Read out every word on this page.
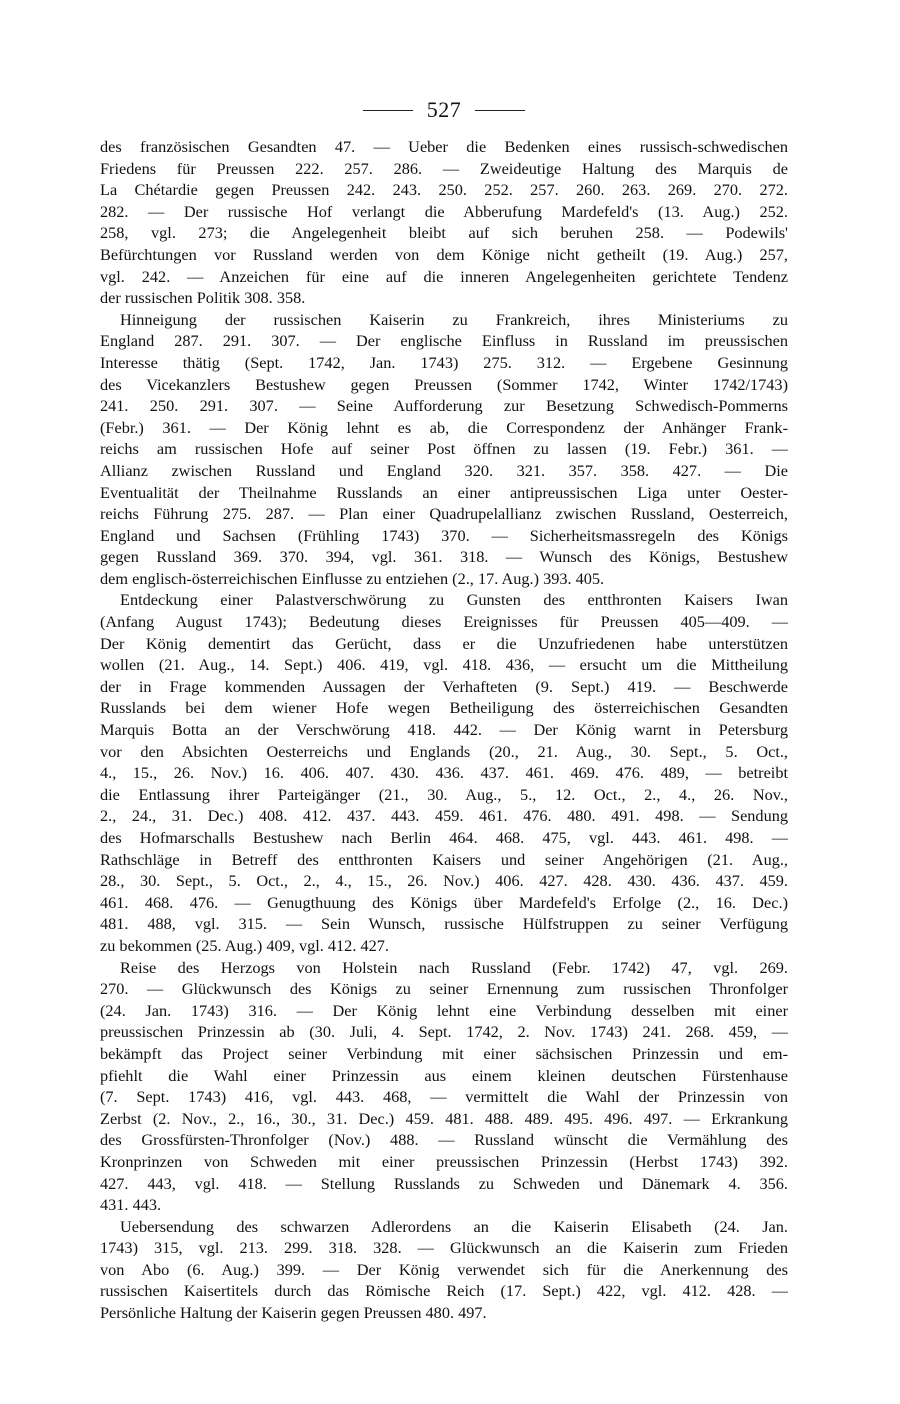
527
des französischen Gesandten 47. — Ueber die Bedenken eines russisch-schwedischen
Friedens für Preussen 222. 257. 286. — Zweideutige Haltung des Marquis de
La Chétardie gegen Preussen 242. 243. 250. 252. 257. 260. 263. 269. 270. 272.
282. — Der russische Hof verlangt die Abberufung Mardefeld's (13. Aug.) 252.
258, vgl. 273; die Angelegenheit bleibt auf sich beruhen 258. — Podewils'
Befürchtungen vor Russland werden von dem Könige nicht getheilt (19. Aug.) 257,
vgl. 242. — Anzeichen für eine auf die inneren Angelegenheiten gerichtete Tendenz
der russischen Politik 308. 358.
Hinneigung der russischen Kaiserin zu Frankreich, ihres Ministeriums zu
England 287. 291. 307. — Der englische Einfluss in Russland im preussischen
Interesse thätig (Sept. 1742, Jan. 1743) 275. 312. — Ergebene Gesinnung
des Vicekanzlers Bestushew gegen Preussen (Sommer 1742, Winter 1742/1743)
241. 250. 291. 307. — Seine Aufforderung zur Besetzung Schwedisch-Pommerns
(Febr.) 361. — Der König lehnt es ab, die Correspondenz der Anhänger Frank-
reichs am russischen Hofe auf seiner Post öffnen zu lassen (19. Febr.) 361. —
Allianz zwischen Russland und England 320. 321. 357. 358. 427. — Die
Eventualität der Theilnahme Russlands an einer antipreussischen Liga unter Oester-
reichs Führung 275. 287. — Plan einer Quadrupelallianz zwischen Russland, Oesterreich,
England und Sachsen (Frühling 1743) 370. — Sicherheitsmassregeln des Königs
gegen Russland 369. 370. 394, vgl. 361. 318. — Wunsch des Königs, Bestushew
dem englisch-österreichischen Einflusse zu entziehen (2., 17. Aug.) 393. 405.
Entdeckung einer Palastverschwörung zu Gunsten des entthronten Kaisers Iwan
(Anfang August 1743); Bedeutung dieses Ereignisses für Preussen 405—409. —
Der König dementirt das Gerücht, dass er die Unzufriedenen habe unterstützen
wollen (21. Aug., 14. Sept.) 406. 419, vgl. 418. 436, — ersucht um die Mittheilung
der in Frage kommenden Aussagen der Verhafteten (9. Sept.) 419. — Beschwerde
Russlands bei dem wiener Hofe wegen Betheiligung des österreichischen Gesandten
Marquis Botta an der Verschwörung 418. 442. — Der König warnt in Petersburg
vor den Absichten Oesterreichs und Englands (20., 21. Aug., 30. Sept., 5. Oct.,
4., 15., 26. Nov.) 16. 406. 407. 430. 436. 437. 461. 469. 476. 489, — betreibt
die Entlassung ihrer Parteigänger (21., 30. Aug., 5., 12. Oct., 2., 4., 26. Nov.,
2., 24., 31. Dec.) 408. 412. 437. 443. 459. 461. 476. 480. 491. 498. — Sendung
des Hofmarschalls Bestushew nach Berlin 464. 468. 475, vgl. 443. 461. 498. —
Rathschläge in Betreff des entthronten Kaisers und seiner Angehörigen (21. Aug.,
28., 30. Sept., 5. Oct., 2., 4., 15., 26. Nov.) 406. 427. 428. 430. 436. 437. 459.
461. 468. 476. — Genugthuung des Königs über Mardefeld's Erfolge (2., 16. Dec.)
481. 488, vgl. 315. — Sein Wunsch, russische Hülfstruppen zu seiner Verfügung
zu bekommen (25. Aug.) 409, vgl. 412. 427.
Reise des Herzogs von Holstein nach Russland (Febr. 1742) 47, vgl. 269.
270. — Glückwunsch des Königs zu seiner Ernennung zum russischen Thronfolger
(24. Jan. 1743) 316. — Der König lehnt eine Verbindung desselben mit einer
preussischen Prinzessin ab (30. Juli, 4. Sept. 1742, 2. Nov. 1743) 241. 268. 459, —
bekämpft das Project seiner Verbindung mit einer sächsischen Prinzessin und em-
pfiehlt die Wahl einer Prinzessin aus einem kleinen deutschen Fürstenhause
(7. Sept. 1743) 416, vgl. 443. 468, — vermittelt die Wahl der Prinzessin von
Zerbst (2. Nov., 2., 16., 30., 31. Dec.) 459. 481. 488. 489. 495. 496. 497. — Erkrankung
des Grossfürsten-Thronfolger (Nov.) 488. — Russland wünscht die Vermählung des
Kronprinzen von Schweden mit einer preussischen Prinzessin (Herbst 1743) 392.
427. 443, vgl. 418. — Stellung Russlands zu Schweden und Dänemark 4. 356.
431. 443.
Uebersendung des schwarzen Adlerordens an die Kaiserin Elisabeth (24. Jan.
1743) 315, vgl. 213. 299. 318. 328. — Glückwunsch an die Kaiserin zum Frieden
von Abo (6. Aug.) 399. — Der König verwendet sich für die Anerkennung des
russischen Kaisertitels durch das Römische Reich (17. Sept.) 422, vgl. 412. 428. —
Persönliche Haltung der Kaiserin gegen Preussen 480. 497.
